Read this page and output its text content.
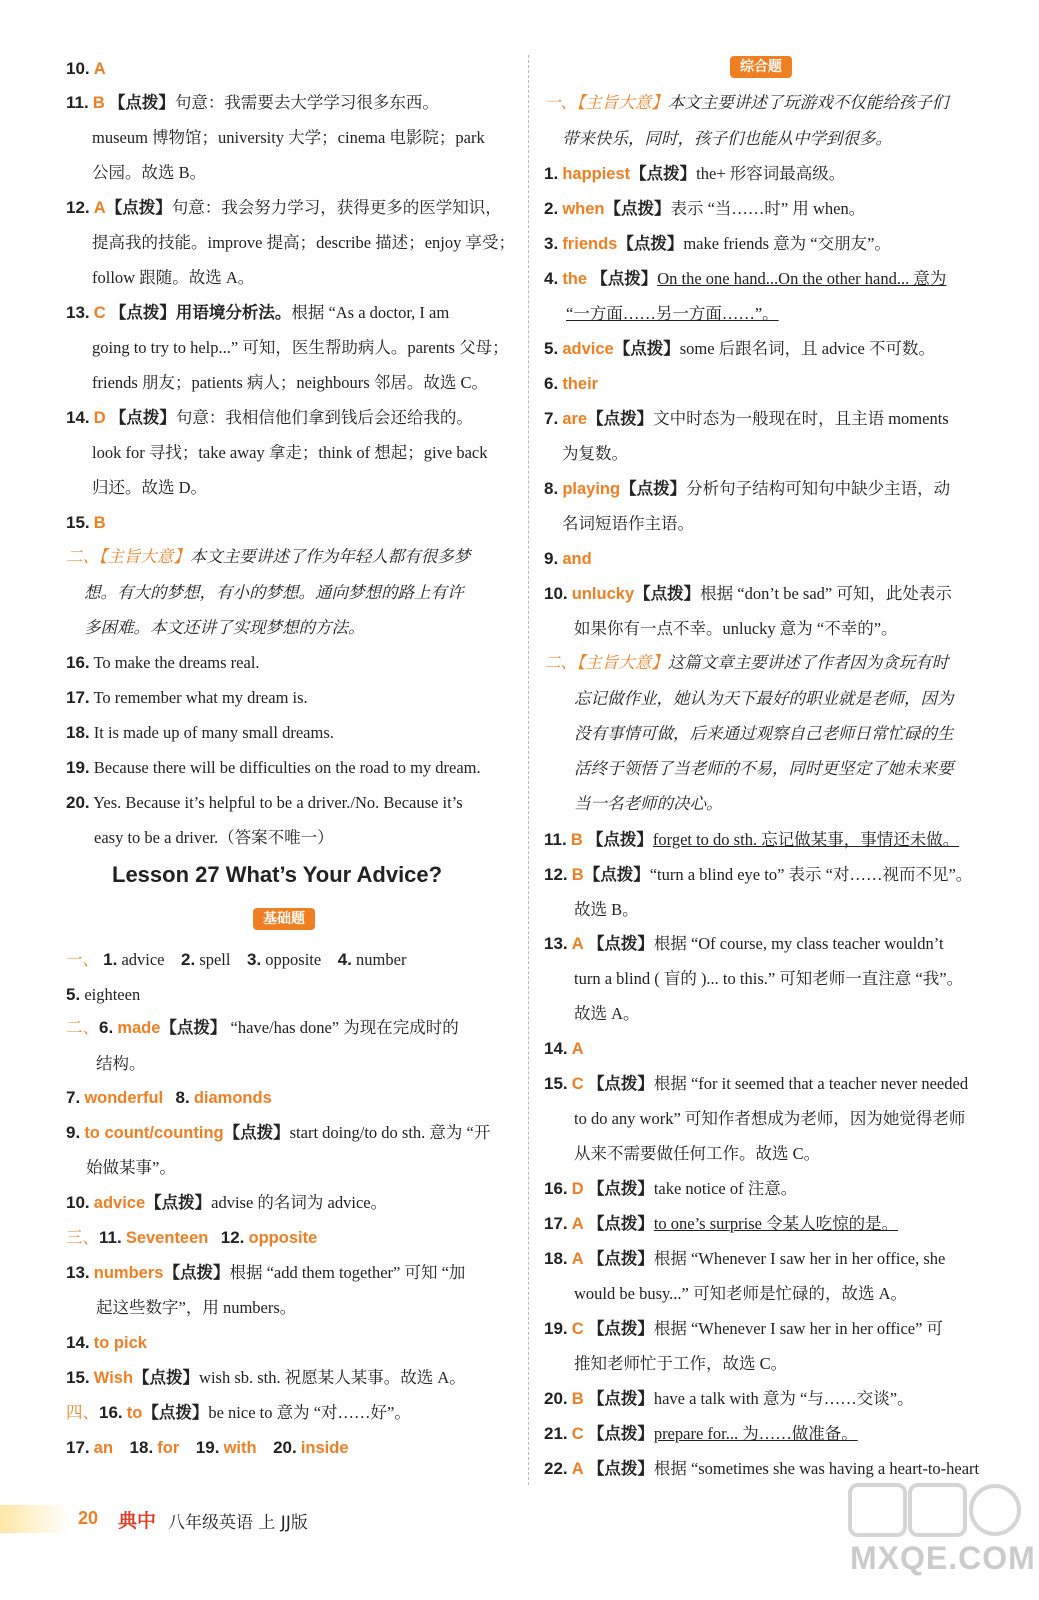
10. A
11. B 【点拨】句意：我需要去大学学习很多东西。
museum 博物馆；university 大学；cinema 电影院；park
公园。故选 B。
12. A【点拨】句意：我会努力学习，获得更多的医学知识，
提高我的技能。improve 提高；describe 描述；enjoy 享受；
follow 跟随。故选 A。
13. C 【点拨】用语境分析法。根据 “As a doctor, I am
going to try to help...” 可知，医生帮助病人。parents 父母；
friends 朋友；patients 病人；neighbours 邻居。故选 C。
14. D 【点拨】句意：我相信他们拿到钱后会还给我的。
look for 寻找；take away 拿走；think of 想起；give back
归还。故选 D。
15. B
二、【主旨大意】本文主要讲述了作为年轻人都有很多梦
想。有大的梦想，有小的梦想。通向梦想的路上有许
多困难。本文还讲了实现梦想的方法。
16. To make the dreams real.
17. To remember what my dream is.
18. It is made up of many small dreams.
19. Because there will be difficulties on the road to my dream.
20. Yes. Because it’s helpful to be a driver./No. Because it’s
easy to be a driver.（答案不唯一）
Lesson 27 What’s Your Advice?
基础题
一、 1. advice 2. spell 3. opposite 4. number
5. eighteen
二、6. made【点拨】 “have/has done” 为现在完成时的
结构。
7. wonderful 8. diamonds
9. to count/counting【点拨】start doing/to do sth. 意为 “开
始做某事”。
10. advice【点拨】advise 的名词为 advice。
三、11. Seventeen 12. opposite
13. numbers【点拨】根据 “add them together” 可知 “加
起这些数字”，用 numbers。
14. to pick
15. Wish【点拨】wish sb. sth. 祝愿某人某事。故选 A。
四、16. to【点拨】be nice to 意为 “对……好”。
17. an 18. for 19. with 20. inside
综合题
一、【主旨大意】本文主要讲述了玩游戏不仅能给孩子们
带来快乐，同时，孩子们也能从中学到很多。
1. happiest【点拨】the+ 形容词最高级。
2. when【点拨】表示 “当……时” 用 when。
3. friends【点拨】make friends 意为 “交朋友”。
4. the 【点拨】On the one hand...On the other hand... 意为
“一方面……另一方面……”。
5. advice【点拨】some 后跟名词，且 advice 不可数。
6. their
7. are【点拨】文中时态为一般现在时，且主语 moments
为复数。
8. playing【点拨】分析句子结构可知句中缺少主语，动
名词短语作主语。
9. and
10. unlucky【点拨】根据 “don’t be sad” 可知，此处表示
如果你有一点不幸。unlucky 意为 “不幸的”。
二、【主旨大意】这篇文章主要讲述了作者因为贪玩有时
忘记做作业，她认为天下最好的职业就是老师，因为
没有事情可做，后来通过观察自己老师日常忙碌的生
活终于领悟了当老师的不易，同时更坚定了她未来要
当一名老师的决心。
11. B 【点拨】forget to do sth. 忘记做某事，事情还未做。
12. B【点拨】“turn a blind eye to” 表示 “对……视而不见”。
故选 B。
13. A 【点拨】根据 “Of course, my class teacher wouldn’t
turn a blind ( 盲的 )... to this.” 可知老师一直注意 “我”。
故选 A。
14. A
15. C 【点拨】根据 “for it seemed that a teacher never needed
to do any work” 可知作者想成为老师，因为她觉得老师
从来不需要做任何工作。故选 C。
16. D 【点拨】take notice of 注意。
17. A 【点拨】to one’s surprise 令某人吃惊的是。
18. A 【点拨】根据 “Whenever I saw her in her office, she
would be busy...” 可知老师是忙碌的，故选 A。
19. C 【点拨】根据 “Whenever I saw her in her office” 可
推知老师忙于工作，故选 C。
20. B 【点拨】have a talk with 意为 “与……交谈”。
21. C 【点拨】prepare for... 为……做准备。
22. A 【点拨】根据 “sometimes she was having a heart-to-heart
20 典中 八年级英语 上 JJ版
MXQE.COM
